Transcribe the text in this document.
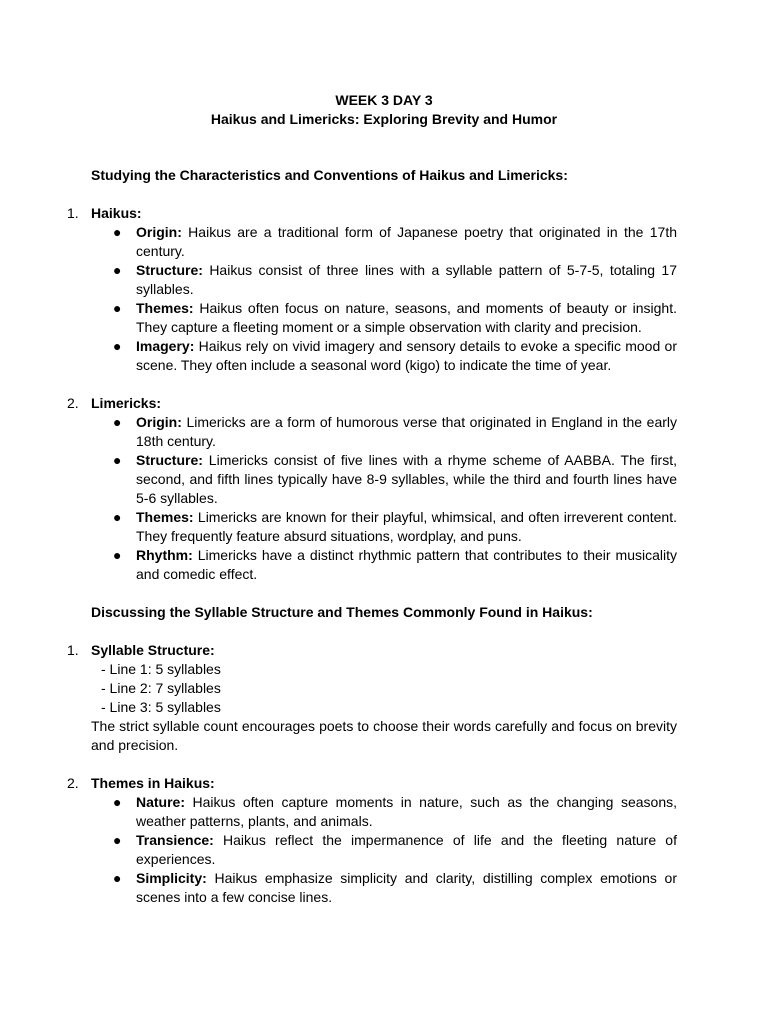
WEEK 3 DAY 3

Haikus and Limericks: Exploring Brevity and Humor

Studying the Characteristics and Conventions of Haikus and Limericks:

1. Haikus:
● Origin: Haikus are a traditional form of Japanese poetry that originated in the 17th century.
● Structure: Haikus consist of three lines with a syllable pattern of 5-7-5, totaling 17 syllables.
● Themes: Haikus often focus on nature, seasons, and moments of beauty or insight. They capture a fleeting moment or a simple observation with clarity and precision.
● Imagery: Haikus rely on vivid imagery and sensory details to evoke a specific mood or scene. They often include a seasonal word (kigo) to indicate the time of year.
2. Limericks:
● Origin: Limericks are a form of humorous verse that originated in England in the early 18th century.
● Structure: Limericks consist of five lines with a rhyme scheme of AABBA. The first, second, and fifth lines typically have 8-9 syllables, while the third and fourth lines have 5-6 syllables.
● Themes: Limericks are known for their playful, whimsical, and often irreverent content. They frequently feature absurd situations, wordplay, and puns.
● Rhythm: Limericks have a distinct rhythmic pattern that contributes to their musicality and comedic effect.

Discussing the Syllable Structure and Themes Commonly Found in Haikus:

1. Syllable Structure:

- Line 1: 5 syllables

- Line 2: 7 syllables

- Line 3: 5 syllables

The strict syllable count encourages poets to choose their words carefully and focus on brevity and precision.

2. Themes in Haikus:
● Nature: Haikus often capture moments in nature, such as the changing seasons, weather patterns, plants, and animals.
● Transience: Haikus reflect the impermanence of life and the fleeting nature of experiences.
● Simplicity: Haikus emphasize simplicity and clarity, distilling complex emotions or scenes into a few concise lines.
